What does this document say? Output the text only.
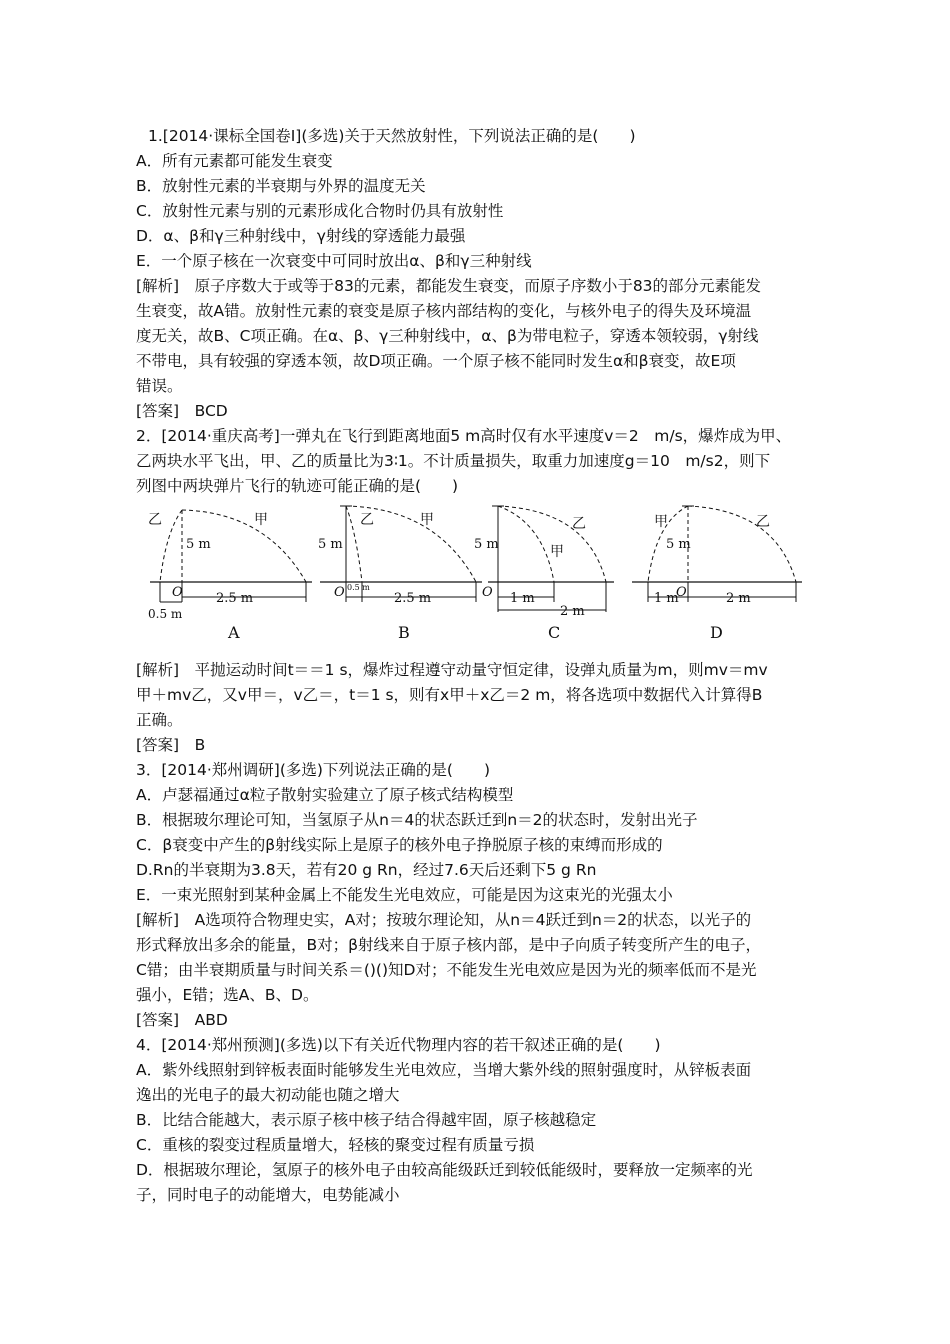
1.[2014·课标全国卷Ⅰ](多选)关于天然放射性，下列说法正确的是(　　)
A．所有元素都可能发生衰变
B．放射性元素的半衰期与外界的温度无关
C．放射性元素与别的元素形成化合物时仍具有放射性
D．α、β和γ三种射线中，γ射线的穿透能力最强
E．一个原子核在一次衰变中可同时放出α、β和γ三种射线
[解析]　原子序数大于或等于83的元素，都能发生衰变，而原子序数小于83的部分元素能发
生衰变，故A错。放射性元素的衰变是原子核内部结构的变化，与核外电子的得失及环境温
度无关，故B、C项正确。在α、β、γ三种射线中，α、β为带电粒子，穿透本领较弱，γ射线
不带电，具有较强的穿透本领，故D项正确。一个原子核不能同时发生α和β衰变，故E项
错误。
[答案]　BCD
2．[2014·重庆高考]一弹丸在飞行到距离地面5 m高时仅有水平速度v＝2　m/s，爆炸成为甲、
乙两块水平飞出，甲、乙的质量比为3∶1。不计质量损失，取重力加速度g＝10　m/s2，则下
列图中两块弹片飞行的轨迹可能正确的是(　　)
乙	甲
5 m
O	2.5 m
0.5 m
A
乙	甲
5 m
O 0.5 m
2.5 m
B
甲
乙
5 m
O 1 m
2 m
C
甲	乙
5 m
O
1 m	2 m
D
[解析]　平抛运动时间t＝＝1 s，爆炸过程遵守动量守恒定律，设弹丸质量为m，则mv＝mv
甲＋mv乙，又v甲＝，v乙＝，t＝1 s，则有x甲＋x乙＝2 m，将各选项中数据代入计算得B
正确。
[答案]　B
3．[2014·郑州调研](多选)下列说法正确的是(　　)
A．卢瑟福通过α粒子散射实验建立了原子核式结构模型
B．根据玻尔理论可知，当氢原子从n＝4的状态跃迁到n＝2的状态时，发射出光子
C．β衰变中产生的β射线实际上是原子的核外电子挣脱原子核的束缚而形成的
D.Rn的半衰期为3.8天，若有20 g Rn，经过7.6天后还剩下5 g Rn
E．一束光照射到某种金属上不能发生光电效应，可能是因为这束光的光强太小
[解析]　A选项符合物理史实，A对；按玻尔理论知，从n＝4跃迁到n＝2的状态，以光子的
形式释放出多余的能量，B对；β射线来自于原子核内部，是中子向质子转变所产生的电子，
C错；由半衰期质量与时间关系＝()()知D对；不能发生光电效应是因为光的频率低而不是光
强小，E错；选A、B、D。
[答案]　ABD
4．[2014·郑州预测](多选)以下有关近代物理内容的若干叙述正确的是(　　)
A．紫外线照射到锌板表面时能够发生光电效应，当增大紫外线的照射强度时，从锌板表面
逸出的光电子的最大初动能也随之增大
B．比结合能越大，表示原子核中核子结合得越牢固，原子核越稳定
C．重核的裂变过程质量增大，轻核的聚变过程有质量亏损
D．根据玻尔理论，氢原子的核外电子由较高能级跃迁到较低能级时，要释放一定频率的光
子，同时电子的动能增大，电势能减小
